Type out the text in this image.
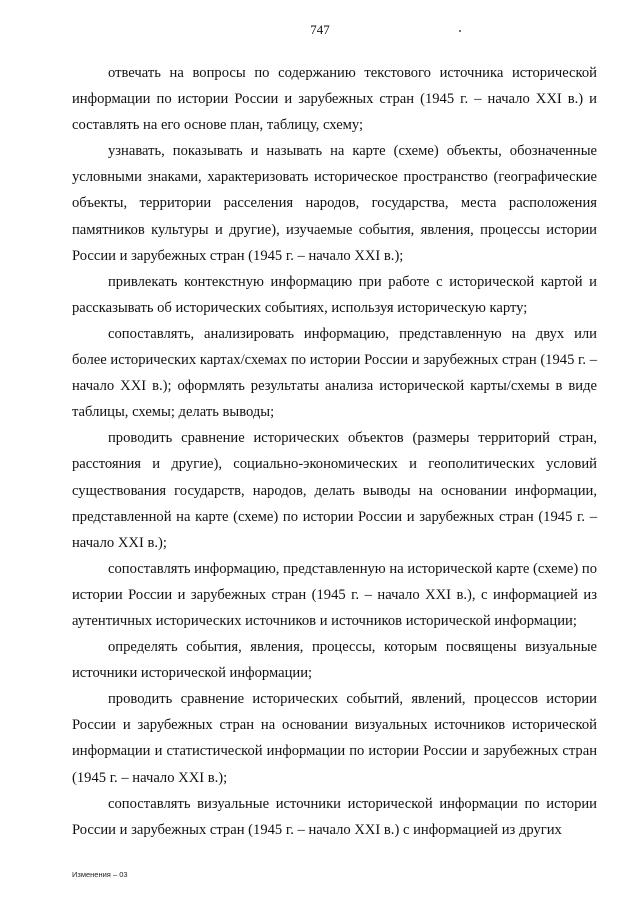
747

отвечать на вопросы по содержанию текстового источника исторической информации по истории России и зарубежных стран (1945 г. – начало XXI в.) и составлять на его основе план, таблицу, схему;

узнавать, показывать и называть на карте (схеме) объекты, обозначенные условными знаками, характеризовать историческое пространство (географические объекты, территории расселения народов, государства, места расположения памятников культуры и другие), изучаемые события, явления, процессы истории России и зарубежных стран (1945 г. – начало XXI в.);

привлекать контекстную информацию при работе с исторической картой и рассказывать об исторических событиях, используя историческую карту;

сопоставлять, анализировать информацию, представленную на двух или более исторических картах/схемах по истории России и зарубежных стран (1945 г. – начало XXI в.); оформлять результаты анализа исторической карты/схемы в виде таблицы, схемы; делать выводы;

проводить сравнение исторических объектов (размеры территорий стран, расстояния и другие), социально-экономических и геополитических условий существования государств, народов, делать выводы на основании информации, представленной на карте (схеме) по истории России и зарубежных стран (1945 г. – начало XXI в.);

сопоставлять информацию, представленную на исторической карте (схеме) по истории России и зарубежных стран (1945 г. – начало XXI в.), с информацией из аутентичных исторических источников и источников исторической информации;

определять события, явления, процессы, которым посвящены визуальные источники исторической информации;

проводить сравнение исторических событий, явлений, процессов истории России и зарубежных стран на основании визуальных источников исторической информации и статистической информации по истории России и зарубежных стран (1945 г. – начало XXI в.);

сопоставлять визуальные источники исторической информации по истории России и зарубежных стран (1945 г. – начало XXI в.) с информацией из других

Изменения – 03
